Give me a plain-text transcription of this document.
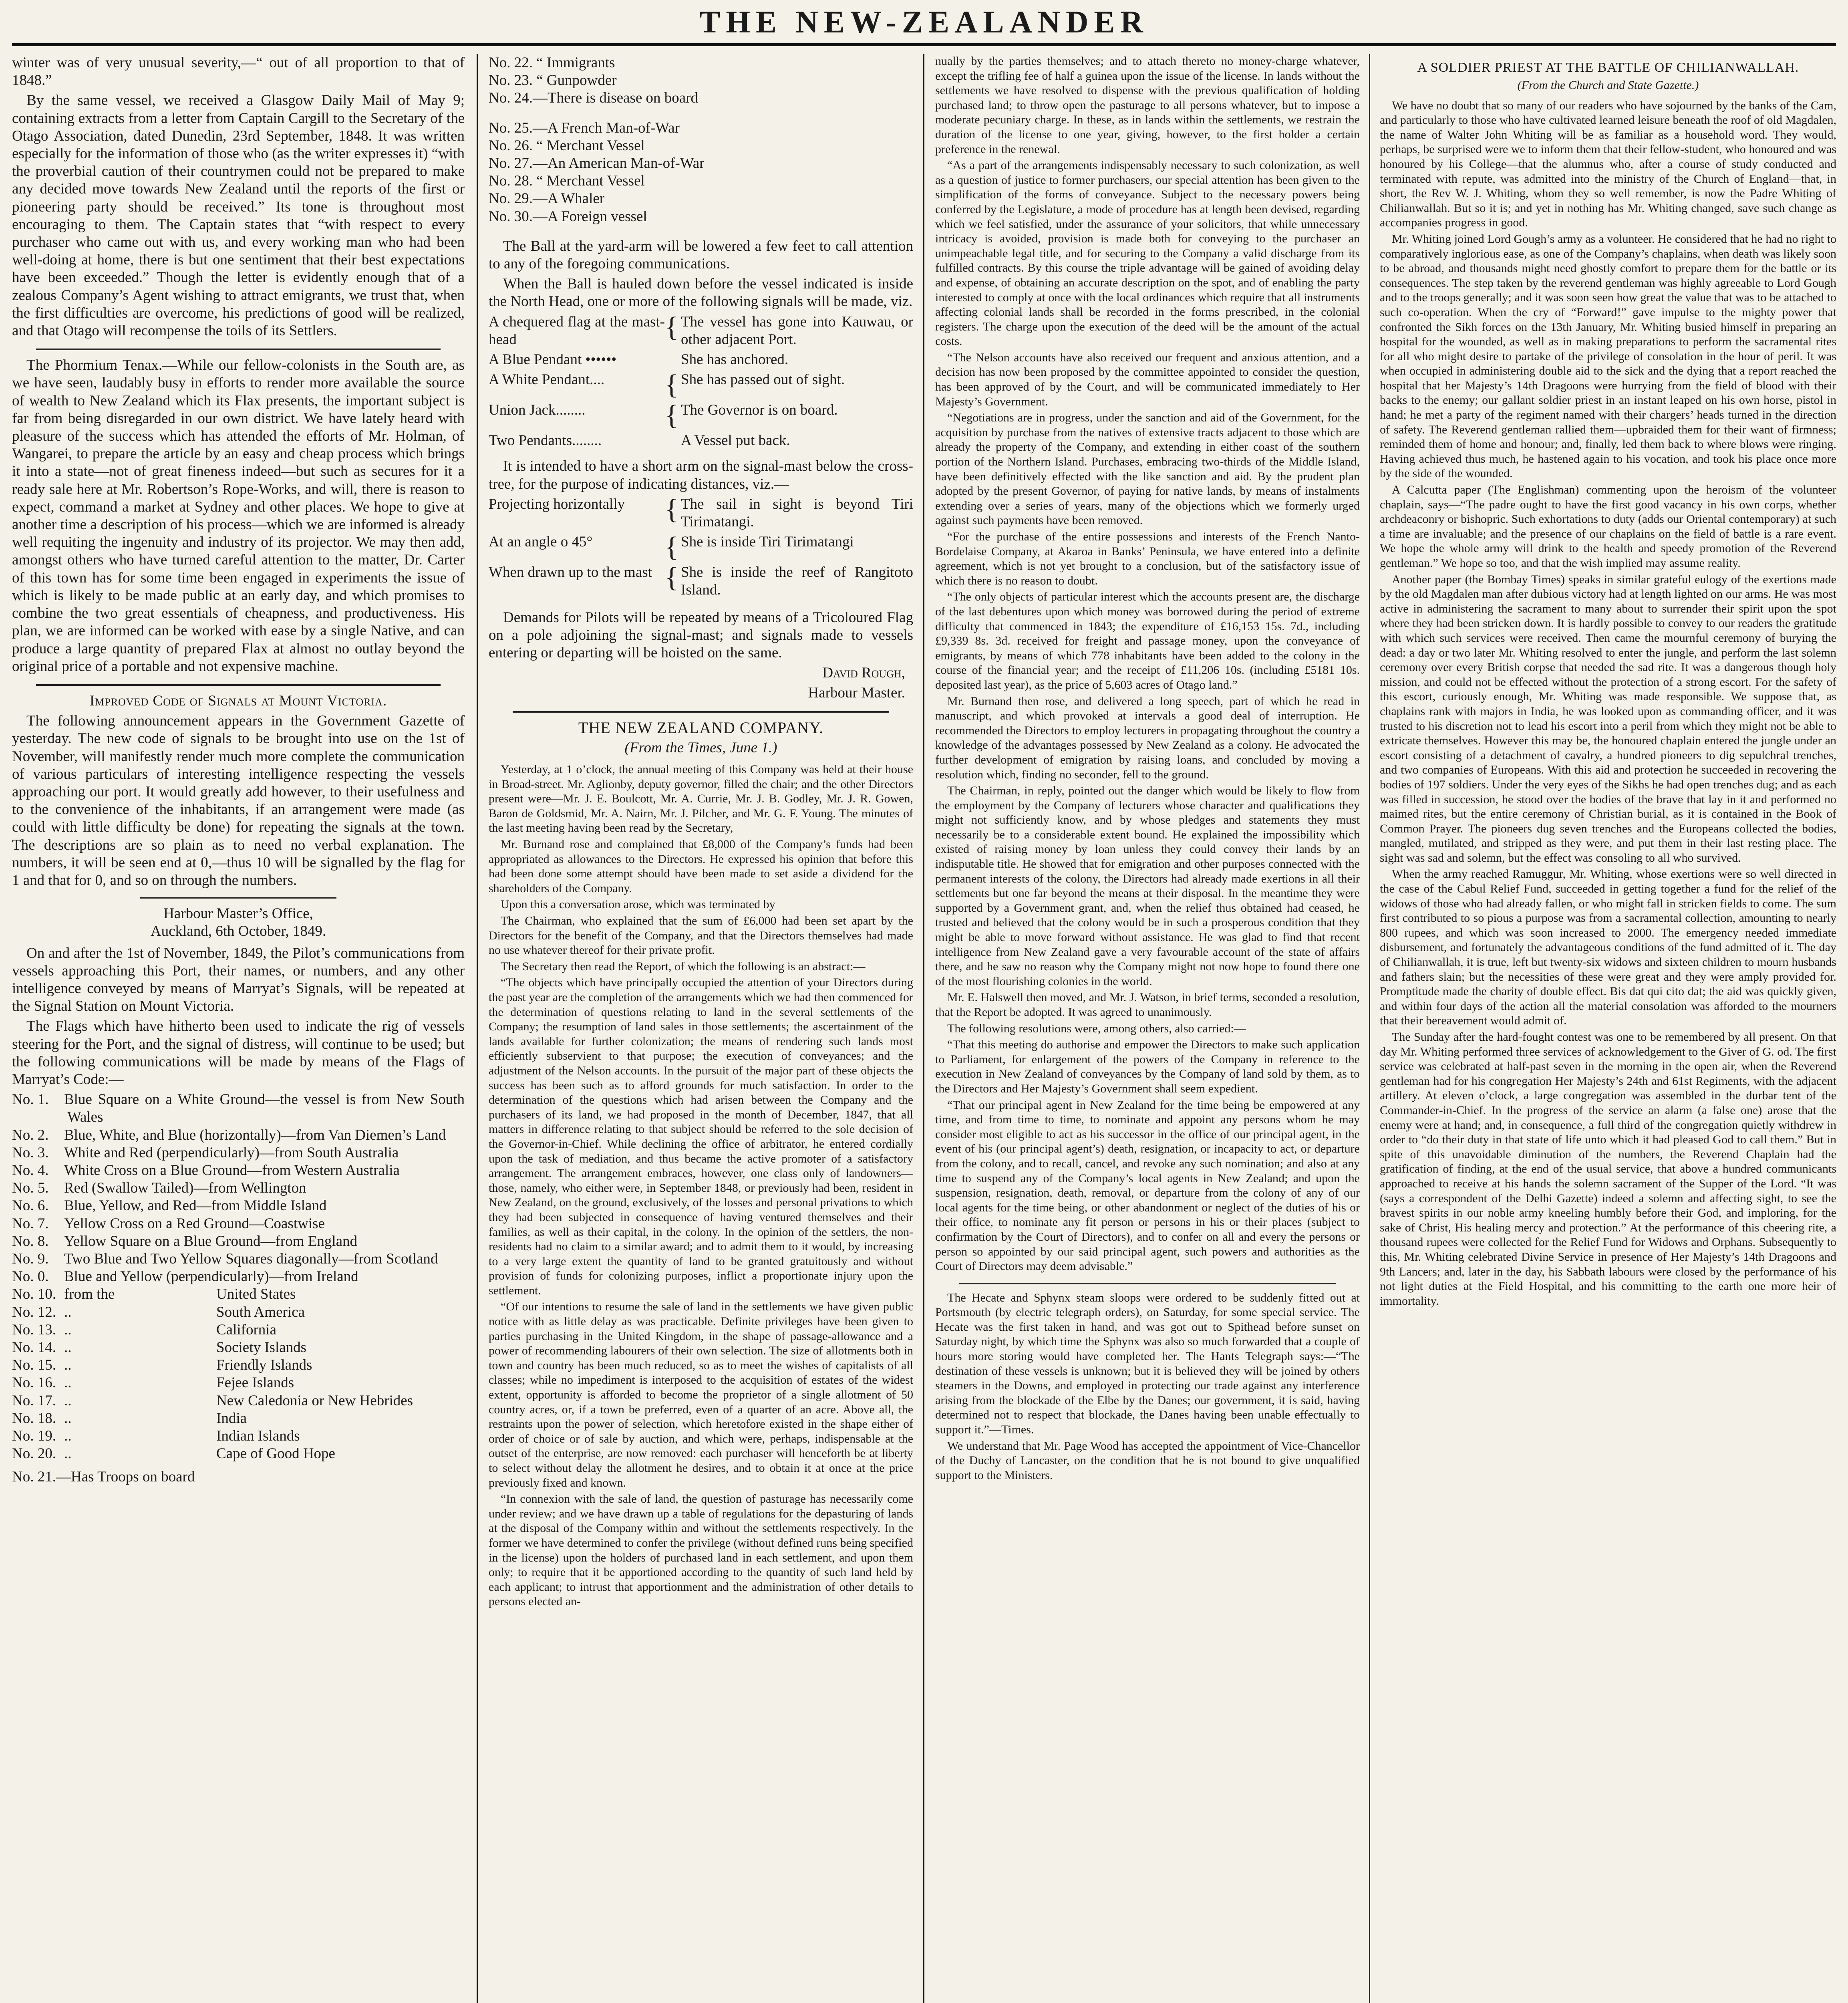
THE NEW-ZEALANDER

winter was of very unusual severity,—“ out of all proportion to that of 1848.”

By the same vessel, we received a Glasgow Daily Mail of May 9; containing extracts from a letter from Captain Cargill to the Secretary of the Otago Association, dated Dunedin, 23rd September, 1848. It was written especially for the information of those who (as the writer expresses it) “with the proverbial caution of their countrymen could not be prepared to make any decided move towards New Zealand until the reports of the first or pioneering party should be received.” Its tone is throughout most encouraging to them. The Captain states that “with respect to every purchaser who came out with us, and every working man who had been well-doing at home, there is but one sentiment that their best expectations have been exceeded.” Though the letter is evidently enough that of a zealous Company’s Agent wishing to attract emigrants, we trust that, when the first difficulties are overcome, his predictions of good will be realized, and that Otago will recompense the toils of its Settlers.

The Phormium Tenax.—While our fellow-colonists in the South are, as we have seen, laudably busy in efforts to render more available the source of wealth to New Zealand which its Flax presents, the important subject is far from being disregarded in our own district. We have lately heard with pleasure of the success which has attended the efforts of Mr. Holman, of Wangarei, to prepare the article by an easy and cheap process which brings it into a state—not of great fineness indeed—but such as secures for it a ready sale here at Mr. Robertson’s Rope-Works, and will, there is reason to expect, command a market at Sydney and other places. We hope to give at another time a description of his process—which we are informed is already well requiting the ingenuity and industry of its projector. We may then add, amongst others who have turned careful attention to the matter, Dr. Carter of this town has for some time been engaged in experiments the issue of which is likely to be made public at an early day, and which promises to combine the two great essentials of cheapness, and productiveness. His plan, we are informed can be worked with ease by a single Native, and can produce a large quantity of prepared Flax at almost no outlay beyond the original price of a portable and not expensive machine.

Improved Code of Signals at Mount Victoria.

The following announcement appears in the Government Gazette of yesterday. The new code of signals to be brought into use on the 1st of November, will manifestly render much more complete the communication of various particulars of interesting intelligence respecting the vessels approaching our port. It would greatly add however, to their usefulness and to the convenience of the inhabitants, if an arrangement were made (as could with little difficulty be done) for repeating the signals at the town. The descriptions are so plain as to need no verbal explanation. The numbers, it will be seen end at 0,—thus 10 will be signalled by the flag for 1 and that for 0, and so on through the numbers.

Harbour Master’s Office,
Auckland, 6th October, 1849.

On and after the 1st of November, 1849, the Pilot’s communications from vessels approaching this Port, their names, or numbers, and any other intelligence conveyed by means of Marryat’s Signals, will be repeated at the Signal Station on Mount Victoria.

The Flags which have hitherto been used to indicate the rig of vessels steering for the Port, and the signal of distress, will continue to be used; but the following communications will be made by means of the Flags of Marryat’s Code:—

No. 1.	Blue Square on a White Ground—the vessel is from New South Wales
No. 2.	Blue, White, and Blue (horizontally)—from Van Diemen’s Land
No. 3.	White and Red (perpendicularly)—from South Australia
No. 4.	White Cross on a Blue Ground—from Western Australia
No. 5.	Red (Swallow Tailed)—from Wellington
No. 6.	Blue, Yellow, and Red—from Middle Island
No. 7.	Yellow Cross on a Red Ground—Coastwise
No. 8.	Yellow Square on a Blue Ground—from England
No. 9.	Two Blue and Two Yellow Squares diagonally—from Scotland
No. 0.	Blue and Yellow (perpendicularly)—from Ireland
No. 10. from the	United States
No. 12. ..	South America
No. 13. ..	California
No. 14. ..	Society Islands
No. 15. ..	Friendly Islands
No. 16. ..	Fejee Islands
No. 17. ..	New Caledonia or New Hebrides
No. 18. ..	India
No. 19. ..	Indian Islands
No. 20. ..	Cape of Good Hope
No. 21.—Has Troops on board
No. 22. “ Immigrants
No. 23. “ Gunpowder
No. 24.—There is disease on board
No. 25.—A French Man-of-War
No. 26. “ Merchant Vessel
No. 27.—An American Man-of-War
No. 28. “ Merchant Vessel
No. 29.—A Whaler
No. 30.—A Foreign vessel

The Ball at the yard-arm will be lowered a few feet to call attention to any of the foregoing communications.

When the Ball is hauled down before the vessel indicated is inside the North Head, one or more of the following signals will be made, viz.

A chequered flag at the mast-head	{ The vessel has gone into Kauwau, or other adjacent Port.
A Blue Pendant ••••••	She has anchored.
A White Pendant....	{ She has passed out of sight.
Union Jack........	{ The Governor is on board.
Two Pendants........	A Vessel put back.

It is intended to have a short arm on the signal-mast below the cross-tree, for the purpose of indicating distances, viz.—

Projecting horizontally	{ The sail in sight is beyond Tiri Tirimatangi.
At an angle o 45°	{ She is inside Tiri Tirimatangi
When drawn up to the mast { She is inside the reef of Rangitoto Island.

Demands for Pilots will be repeated by means of a Tricoloured Flag on a pole adjoining the signal-mast; and signals made to vessels entering or departing will be hoisted on the same.

David Rough,
Harbour Master.
THE NEW ZEALAND COMPANY.
(From the Times, June 1.)

Yesterday, at 1 o’clock, the annual meeting of this Company was held at their house in Broad-street. Mr. Aglionby, deputy governor, filled the chair; and the other Directors present were—Mr. J. E. Boulcott, Mr. A. Currie, Mr. J. B. Godley, Mr. J. R. Gowen, Baron de Goldsmid, Mr. A. Nairn, Mr. J. Pilcher, and Mr. G. F. Young. The minutes of the last meeting having been read by the Secretary,

Mr. Burnand rose and complained that £8,000 of the Company’s funds had been appropriated as allowances to the Directors. He expressed his opinion that before this had been done some attempt should have been made to set aside a dividend for the shareholders of the Company.

Upon this a conversation arose, which was terminated by

The Chairman, who explained that the sum of £6,000 had been set apart by the Directors for the benefit of the Company, and that the Directors themselves had made no use whatever thereof for their private profit.

The Secretary then read the Report, of which the following is an abstract:—

“The objects which have principally occupied the attention of your Directors during the past year are the completion of the arrangements which we had then commenced for the determination of questions relating to land in the several settlements of the Company; the resumption of land sales in those settlements; the ascertainment of the lands available for further colonization; the means of rendering such lands most efficiently subservient to that purpose; the execution of conveyances; and the adjustment of the Nelson accounts. In the pursuit of the major part of these objects the success has been such as to afford grounds for much satisfaction. In order to the determination of the questions which had arisen between the Company and the purchasers of its land, we had proposed in the month of December, 1847, that all matters in difference relating to that subject should be referred to the sole decision of the Governor-in-Chief. While declining the office of arbitrator, he entered cordially upon the task of mediation, and thus became the active promoter of a satisfactory arrangement. The arrangement embraces, however, one class only of landowners—those, namely, who either were, in September 1848, or previously had been, resident in New Zealand, on the ground, exclusively, of the losses and personal privations to which they had been subjected in consequence of having ventured themselves and their families, as well as their capital, in the colony. In the opinion of the settlers, the non-residents had no claim to a similar award; and to admit them to it would, by increasing to a very large extent the quantity of land to be granted gratuitously and without provision of funds for colonizing purposes, inflict a proportionate injury upon the settlement.

“Of our intentions to resume the sale of land in the settlements we have given public notice with as little delay as was practicable. Definite privileges have been given to parties purchasing in the United Kingdom, in the shape of passage-allowance and a power of recommending labourers of their own selection. The size of allotments both in town and country has been much reduced, so as to meet the wishes of capitalists of all classes; while no impediment is interposed to the acquisition of estates of the widest extent, opportunity is afforded to become the proprietor of a single allotment of 50 country acres, or, if a town be preferred, even of a quarter of an acre. Above all, the restraints upon the power of selection, which heretofore existed in the shape either of order of choice or of sale by auction, and which were, perhaps, indispensable at the outset of the enterprise, are now removed: each purchaser will henceforth be at liberty to select without delay the allotment he desires, and to obtain it at once at the price previously fixed and known.

“In connexion with the sale of land, the question of pasturage has necessarily come under review; and we have drawn up a table of regulations for the depasturing of lands at the disposal of the Company within and without the settlements respectively. In the former we have determined to confer the privilege (without defined runs being specified in the license) upon the holders of purchased land in each settlement, and upon them only; to require that it be apportioned according to the quantity of such land held by each applicant; to intrust that apportionment and the administration of other details to persons elected an-

nually by the parties themselves; and to attach thereto no money-charge whatever, except the trifling fee of half a guinea upon the issue of the license. In lands without the settlements we have resolved to dispense with the previous qualification of holding purchased land; to throw open the pasturage to all persons whatever, but to impose a moderate pecuniary charge. In these, as in lands within the settlements, we restrain the duration of the license to one year, giving, however, to the first holder a certain preference in the renewal.

“As a part of the arrangements indispensably necessary to such colonization, as well as a question of justice to former purchasers, our special attention has been given to the simplification of the forms of conveyance. Subject to the necessary powers being conferred by the Legislature, a mode of procedure has at length been devised, regarding which we feel satisfied, under the assurance of your solicitors, that while unnecessary intricacy is avoided, provision is made both for conveying to the purchaser an unimpeachable legal title, and for securing to the Company a valid discharge from its fulfilled contracts. By this course the triple advantage will be gained of avoiding delay and expense, of obtaining an accurate description on the spot, and of enabling the party interested to comply at once with the local ordinances which require that all instruments affecting colonial lands shall be recorded in the forms prescribed, in the colonial registers. The charge upon the execution of the deed will be the amount of the actual costs.

“The Nelson accounts have also received our frequent and anxious attention, and a decision has now been proposed by the committee appointed to consider the question, has been approved of by the Court, and will be communicated immediately to Her Majesty’s Government.

“Negotiations are in progress, under the sanction and aid of the Government, for the acquisition by purchase from the natives of extensive tracts adjacent to those which are already the property of the Company, and extending in either coast of the southern portion of the Northern Island. Purchases, embracing two-thirds of the Middle Island, have been definitively effected with the like sanction and aid. By the prudent plan adopted by the present Governor, of paying for native lands, by means of instalments extending over a series of years, many of the objections which we formerly urged against such payments have been removed.

“For the purchase of the entire possessions and interests of the French Nanto-Bordelaise Company, at Akaroa in Banks’ Peninsula, we have entered into a definite agreement, which is not yet brought to a conclusion, but of the satisfactory issue of which there is no reason to doubt.

“The only objects of particular interest which the accounts present are, the discharge of the last debentures upon which money was borrowed during the period of extreme difficulty that commenced in 1843; the expenditure of £16,153 15s. 7d., including £9,339 8s. 3d. received for freight and passage money, upon the conveyance of emigrants, by means of which 778 inhabitants have been added to the colony in the course of the financial year; and the receipt of £11,206 10s. (including £5181 10s. deposited last year), as the price of 5,603 acres of Otago land.”

Mr. Burnand then rose, and delivered a long speech, part of which he read in manuscript, and which provoked at intervals a good deal of interruption. He recommended the Directors to employ lecturers in propagating throughout the country a knowledge of the advantages possessed by New Zealand as a colony. He advocated the further development of emigration by raising loans, and concluded by moving a resolution which, finding no seconder, fell to the ground.

The Chairman, in reply, pointed out the danger which would be likely to flow from the employment by the Company of lecturers whose character and qualifications they might not sufficiently know, and by whose pledges and statements they must necessarily be to a considerable extent bound. He explained the impossibility which existed of raising money by loan unless they could convey their lands by an indisputable title. He showed that for emigration and other purposes connected with the permanent interests of the colony, the Directors had already made exertions in all their settlements but one far beyond the means at their disposal. In the meantime they were supported by a Government grant, and, when the relief thus obtained had ceased, he trusted and believed that the colony would be in such a prosperous condition that they might be able to move forward without assistance. He was glad to find that recent intelligence from New Zealand gave a very favourable account of the state of affairs there, and he saw no reason why the Company might not now hope to found there one of the most flourishing colonies in the world.

Mr. E. Halswell then moved, and Mr. J. Watson, in brief terms, seconded a resolution, that the Report be adopted. It was agreed to unanimously.

The following resolutions were, among others, also carried:—

“That this meeting do authorise and empower the Directors to make such application to Parliament, for enlargement of the powers of the Company in reference to the execution in New Zealand of conveyances by the Company of land sold by them, as to the Directors and Her Majesty’s Government shall seem expedient.

“That our principal agent in New Zealand for the time being be empowered at any time, and from time to time, to nominate and appoint any persons whom he may consider most eligible to act as his successor in the office of our principal agent, in the event of his (our principal agent’s) death, resignation, or incapacity to act, or departure from the colony, and to recall, cancel, and revoke any such nomination; and also at any time to suspend any of the Company’s local agents in New Zealand; and upon the suspension, resignation, death, removal, or departure from the colony of any of our local agents for the time being, or other abandonment or neglect of the duties of his or their office, to nominate any fit person or persons in his or their places (subject to confirmation by the Court of Directors), and to confer on all and every the persons or person so appointed by our said principal agent, such powers and authorities as the Court of Directors may deem advisable.”

The Hecate and Sphynx steam sloops were ordered to be suddenly fitted out at Portsmouth (by electric telegraph orders), on Saturday, for some special service. The Hecate was the first taken in hand, and was got out to Spithead before sunset on Saturday night, by which time the Sphynx was also so much forwarded that a couple of hours more storing would have completed her. The Hants Telegraph says:—“The destination of these vessels is unknown; but it is believed they will be joined by others steamers in the Downs, and employed in protecting our trade against any interference arising from the blockade of the Elbe by the Danes; our government, it is said, having determined not to respect that blockade, the Danes having been unable effectually to support it.”—Times.

We understand that Mr. Page Wood has accepted the appointment of Vice-Chancellor of the Duchy of Lancaster, on the condition that he is not bound to give unqualified support to the Ministers.

A SOLDIER PRIEST AT THE BATTLE OF CHILIANWALLAH.
(From the Church and State Gazette.)

We have no doubt that so many of our readers who have sojourned by the banks of the Cam, and particularly to those who have cultivated learned leisure beneath the roof of old Magdalen, the name of Walter John Whiting will be as familiar as a household word. They would, perhaps, be surprised were we to inform them that their fellow-student, who honoured and was honoured by his College—that the alumnus who, after a course of study conducted and terminated with repute, was admitted into the ministry of the Church of England—that, in short, the Rev W. J. Whiting, whom they so well remember, is now the Padre Whiting of Chilianwallah. But so it is; and yet in nothing has Mr. Whiting changed, save such change as accompanies progress in good.

Mr. Whiting joined Lord Gough’s army as a volunteer. He considered that he had no right to comparatively inglorious ease, as one of the Company’s chaplains, when death was likely soon to be abroad, and thousands might need ghostly comfort to prepare them for the battle or its consequences. The step taken by the reverend gentleman was highly agreeable to Lord Gough and to the troops generally; and it was soon seen how great the value that was to be attached to such co-operation. When the cry of “Forward!” gave impulse to the mighty power that confronted the Sikh forces on the 13th January, Mr. Whiting busied himself in preparing an hospital for the wounded, as well as in making preparations to perform the sacramental rites for all who might desire to partake of the privilege of consolation in the hour of peril. It was when occupied in administering double aid to the sick and the dying that a report reached the hospital that her Majesty’s 14th Dragoons were hurrying from the field of blood with their backs to the enemy; our gallant soldier priest in an instant leaped on his own horse, pistol in hand; he met a party of the regiment named with their chargers’ heads turned in the direction of safety. The Reverend gentleman rallied them—upbraided them for their want of firmness; reminded them of home and honour; and, finally, led them back to where blows were ringing. Having achieved thus much, he hastened again to his vocation, and took his place once more by the side of the wounded.

A Calcutta paper (The Englishman) commenting upon the heroism of the volunteer chaplain, says—“The padre ought to have the first good vacancy in his own corps, whether archdeaconry or bishopric. Such exhortations to duty (adds our Oriental contemporary) at such a time are invaluable; and the presence of our chaplains on the field of battle is a rare event. We hope the whole army will drink to the health and speedy promotion of the Reverend gentleman.” We hope so too, and that the wish implied may assume reality.

Another paper (the Bombay Times) speaks in similar grateful eulogy of the exertions made by the old Magdalen man after dubious victory had at length lighted on our arms. He was most active in administering the sacrament to many about to surrender their spirit upon the spot where they had been stricken down. It is hardly possible to convey to our readers the gratitude with which such services were received. Then came the mournful ceremony of burying the dead: a day or two later Mr. Whiting resolved to enter the jungle, and perform the last solemn ceremony over every British corpse that needed the sad rite. It was a dangerous though holy mission, and could not be effected without the protection of a strong escort. For the safety of this escort, curiously enough, Mr. Whiting was made responsible. We suppose that, as chaplains rank with majors in India, he was looked upon as commanding officer, and it was trusted to his discretion not to lead his escort into a peril from which they might not be able to extricate themselves. However this may be, the honoured chaplain entered the jungle under an escort consisting of a detachment of cavalry, a hundred pioneers to dig sepulchral trenches, and two companies of Europeans. With this aid and protection he succeeded in recovering the bodies of 197 soldiers. Under the very eyes of the Sikhs he had open trenches dug; and as each was filled in succession, he stood over the bodies of the brave that lay in it and performed no maimed rites, but the entire ceremony of Christian burial, as it is contained in the Book of Common Prayer. The pioneers dug seven trenches and the Europeans collected the bodies, mangled, mutilated, and stripped as they were, and put them in their last resting place. The sight was sad and solemn, but the effect was consoling to all who survived.

When the army reached Ramuggur, Mr. Whiting, whose exertions were so well directed in the case of the Cabul Relief Fund, succeeded in getting together a fund for the relief of the widows of those who had already fallen, or who might fall in stricken fields to come. The sum first contributed to so pious a purpose was from a sacramental collection, amounting to nearly 800 rupees, and which was soon increased to 2000. The emergency needed immediate disbursement, and fortunately the advantageous conditions of the fund admitted of it. The day of Chilianwallah, it is true, left but twenty-six widows and sixteen children to mourn husbands and fathers slain; but the necessities of these were great and they were amply provided for. Promptitude made the charity of double effect. Bis dat qui cito dat; the aid was quickly given, and within four days of the action all the material consolation was afforded to the mourners that their bereavement would admit of.

The Sunday after the hard-fought contest was one to be remembered by all present. On that day Mr. Whiting performed three services of acknowledgement to the Giver of G. od. The first service was celebrated at half-past seven in the morning in the open air, when the Reverend gentleman had for his congregation Her Majesty’s 24th and 61st Regiments, with the adjacent artillery. At eleven o’clock, a large congregation was assembled in the durbar tent of the Commander-in-Chief. In the progress of the service an alarm (a false one) arose that the enemy were at hand; and, in consequence, a full third of the congregation quietly withdrew in order to “do their duty in that state of life unto which it had pleased God to call them.” But in spite of this unavoidable diminution of the numbers, the Reverend Chaplain had the gratification of finding, at the end of the usual service, that above a hundred communicants approached to receive at his hands the solemn sacrament of the Supper of the Lord. “It was (says a correspondent of the Delhi Gazette) indeed a solemn and affecting sight, to see the bravest spirits in our noble army kneeling humbly before their God, and imploring, for the sake of Christ, His healing mercy and protection.” At the performance of this cheering rite, a thousand rupees were collected for the Relief Fund for Widows and Orphans. Subsequently to this, Mr. Whiting celebrated Divine Service in presence of Her Majesty’s 14th Dragoons and 9th Lancers; and, later in the day, his Sabbath labours were closed by the performance of his not light duties at the Field Hospital, and his committing to the earth one more heir of immortality.
